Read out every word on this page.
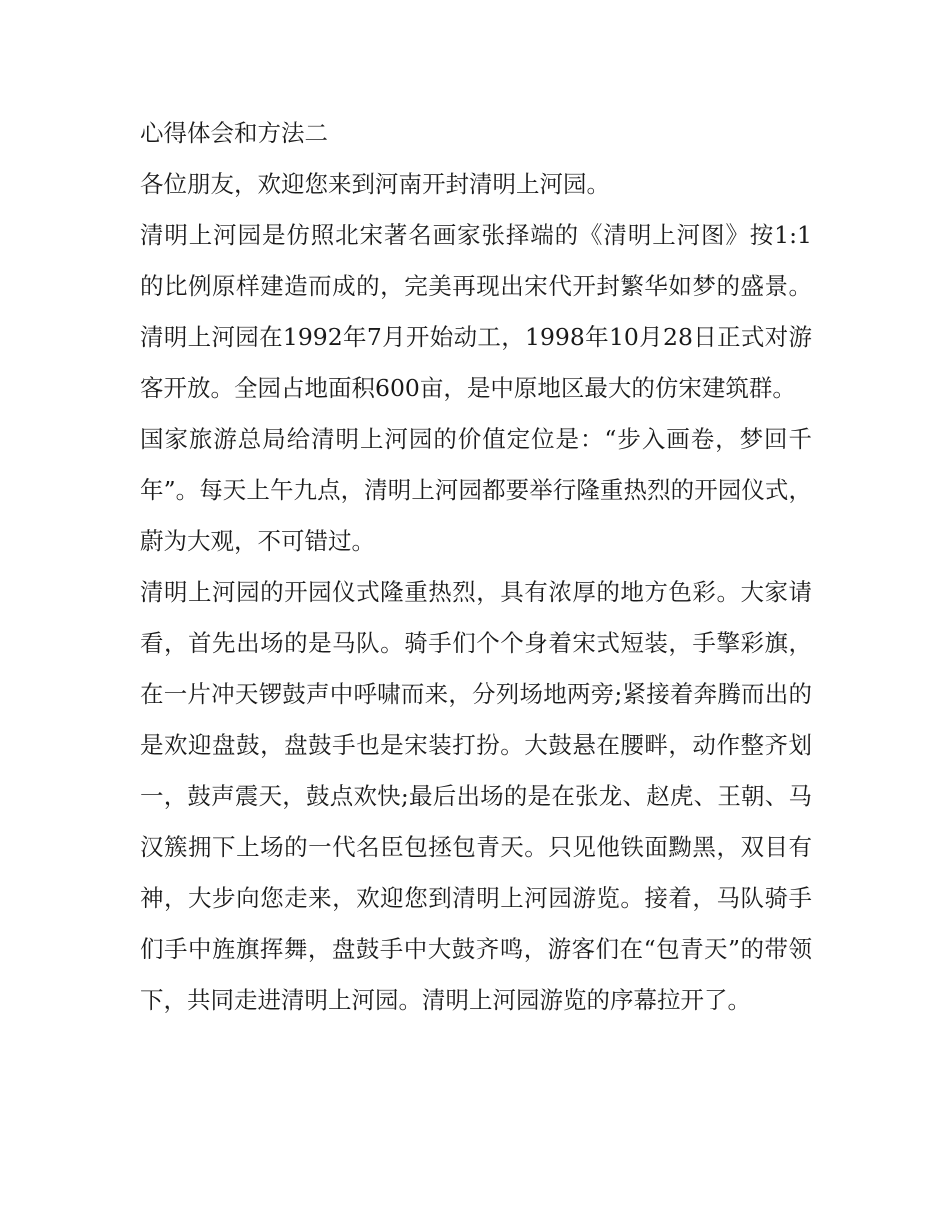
心得体会和方法二

各位朋友，欢迎您来到河南开封清明上河园。

清明上河园是仿照北宋著名画家张择端的《清明上河图》按1:1的比例原样建造而成的，完美再现出宋代开封繁华如梦的盛景。清明上河园在1992年7月开始动工，1998年10月28日正式对游客开放。全园占地面积600亩，是中原地区最大的仿宋建筑群。

国家旅游总局给清明上河园的价值定位是：“步入画卷，梦回千年”。每天上午九点，清明上河园都要举行隆重热烈的开园仪式，蔚为大观，不可错过。

清明上河园的开园仪式隆重热烈，具有浓厚的地方色彩。大家请看，首先出场的是马队。骑手们个个身着宋式短装，手擎彩旗，在一片冲天锣鼓声中呼啸而来，分列场地两旁;紧接着奔腾而出的是欢迎盘鼓，盘鼓手也是宋装打扮。大鼓悬在腰畔，动作整齐划一，鼓声震天，鼓点欢快;最后出场的是在张龙、赵虎、王朝、马汉簇拥下上场的一代名臣包拯包青天。只见他铁面黝黑，双目有神，大步向您走来，欢迎您到清明上河园游览。接着，马队骑手们手中旌旗挥舞，盘鼓手中大鼓齐鸣，游客们在“包青天”的带领下，共同走进清明上河园。清明上河园游览的序幕拉开了。
